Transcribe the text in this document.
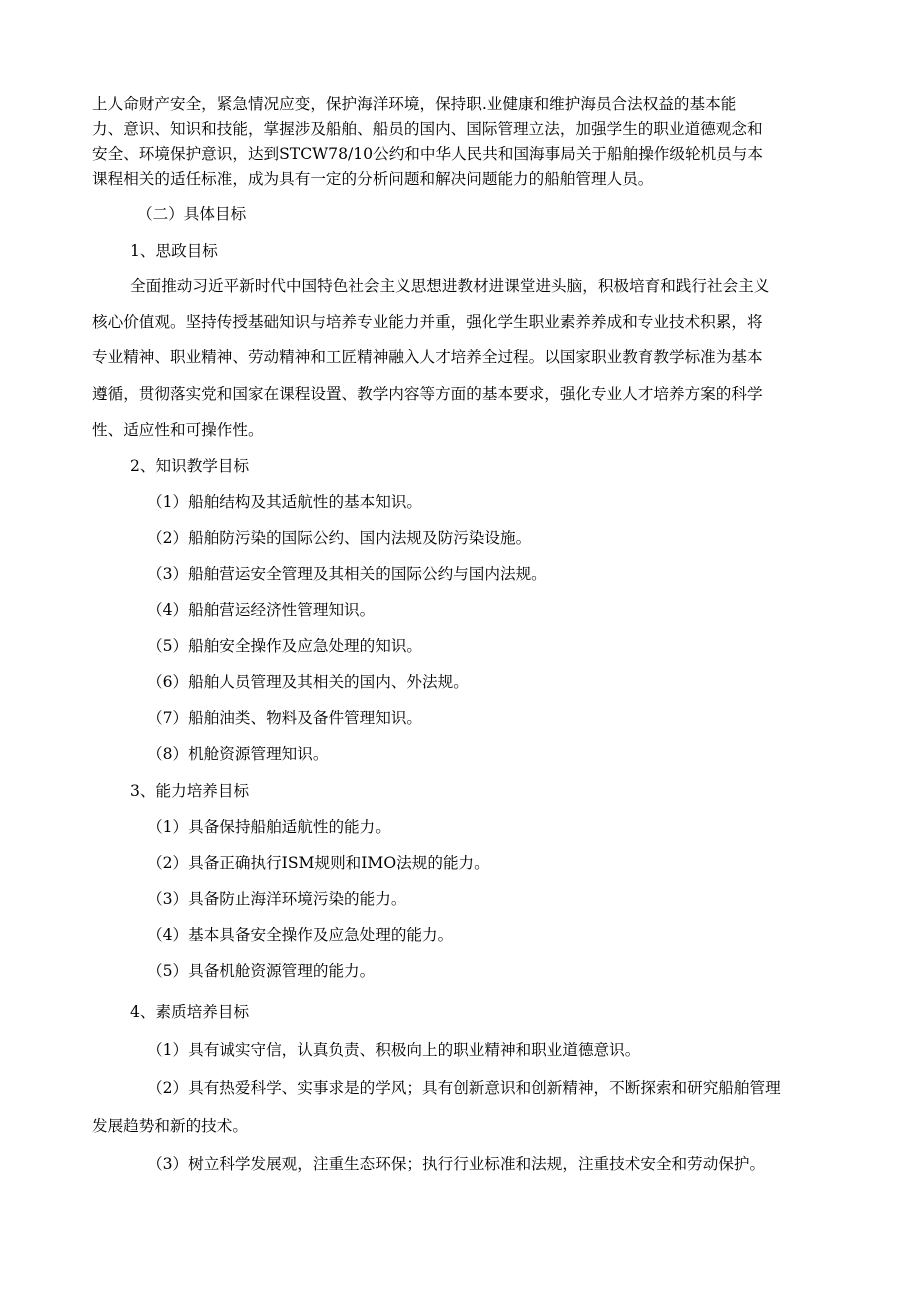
上人命财产安全，紧急情况应变，保护海洋环境，保持职.业健康和维护海员合法权益的基本能
力、意识、知识和技能，掌握涉及船舶、船员的国内、国际管理立法，加强学生的职业道德观念和
安全、环境保护意识，达到STCW78/10公约和中华人民共和国海事局关于船舶操作级轮机员与本
课程相关的适任标准，成为具有一定的分析问题和解决问题能力的船舶管理人员。
（二）具体目标
1、思政目标
全面推动习近平新时代中国特色社会主义思想进教材进课堂进头脑，积极培育和践行社会主义
核心价值观。坚持传授基础知识与培养专业能力并重，强化学生职业素养养成和专业技术积累，将
专业精神、职业精神、劳动精神和工匠精神融入人才培养全过程。以国家职业教育教学标准为基本
遵循，贯彻落实党和国家在课程设置、教学内容等方面的基本要求，强化专业人才培养方案的科学
性、适应性和可操作性。
2、知识教学目标
（1）船舶结构及其适航性的基本知识。
（2）船舶防污染的国际公约、国内法规及防污染设施。
（3）船舶营运安全管理及其相关的国际公约与国内法规。
（4）船舶营运经济性管理知识。
（5）船舶安全操作及应急处理的知识。
（6）船舶人员管理及其相关的国内、外法规。
（7）船舶油类、物料及备件管理知识。
（8）机舱资源管理知识。
3、能力培养目标
（1）具备保持船舶适航性的能力。
（2）具备正确执行ISM规则和IMO法规的能力。
（3）具备防止海洋环境污染的能力。
（4）基本具备安全操作及应急处理的能力。
（5）具备机舱资源管理的能力。
4、素质培养目标
（1）具有诚实守信，认真负责、积极向上的职业精神和职业道德意识。
（2）具有热爱科学、实事求是的学风；具有创新意识和创新精神，不断探索和研究船舶管理
发展趋势和新的技术。
（3）树立科学发展观，注重生态环保；执行行业标准和法规，注重技术安全和劳动保护。
